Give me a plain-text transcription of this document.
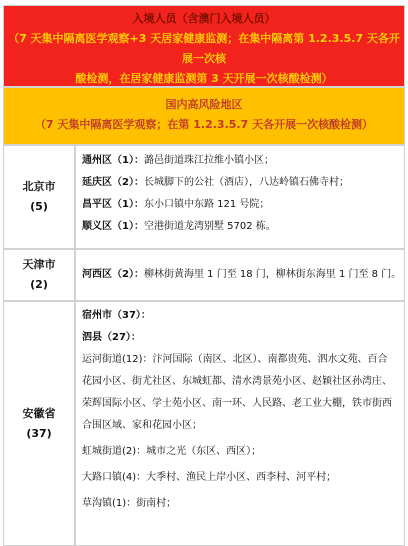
入境人员（含澳门入境人员）
（7 天集中隔离医学观察+3 天居家健康监测；在集中隔离第 1.2.3.5.7 天各开展一次核
酸检测，在居家健康监测第 3 天开展一次核酸检测）
国内高风险地区
（7 天集中隔离医学观察；在第 1.2.3.5.7 天各开展一次核酸检测）
北京市
(5)
通州区（1）：潞邑街道珠江拉维小镇小区；
延庆区（2）：长城脚下的公社（酒店），八达岭镇石佛寺村；
昌平区（1）：东小口镇中东路 121 号院；
顺义区（1）：空港街道龙湾别墅 5702 栋。
天津市
(2)
河西区（2）：柳林街黄海里 1 门至 18 门，柳林街东海里 1 门至 8 门。
安徽省
(37)
宿州市（37）：
泗县（27）：
运河街道(12)：汴河国际（南区、北区）、南都贵苑、泗水文苑、百合
花园小区、街尤社区、东城虹都、清水湾景苑小区、赵颖社区孙湾庄、
荣辉国际小区、学士苑小区、南一环、人民路、老工业大棚，铁市街西
合围区域、家和花园小区；
虹城街道(2)：城市之光（东区、西区）；
大路口镇(4)：大季村、渔民上岸小区、西李村、河平村；
草沟镇(1)：街南村；
